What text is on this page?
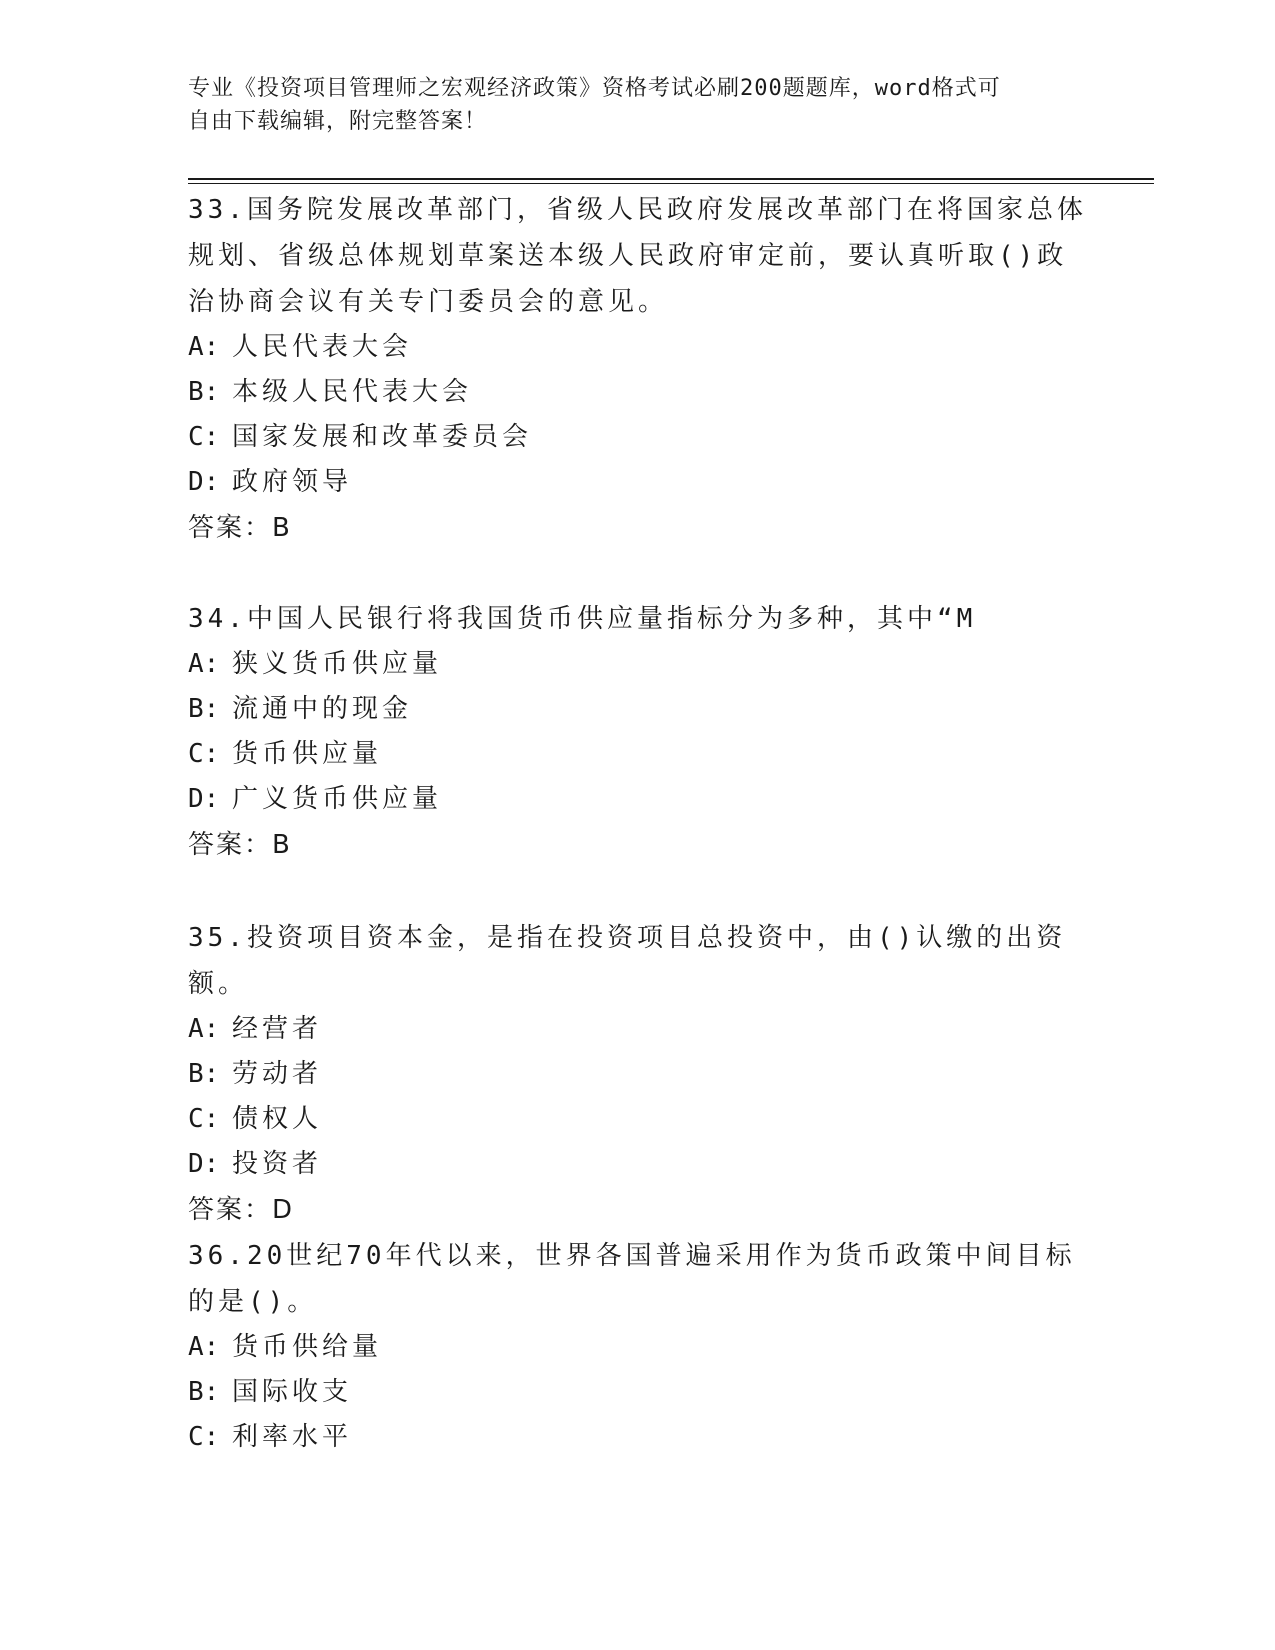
专业《投资项目管理师之宏观经济政策》资格考试必刷200题题库，word格式可
自由下载编辑，附完整答案！

33.国务院发展改革部门，省级人民政府发展改革部门在将国家总体规划、省级总体规划草案送本级人民政府审定前，要认真听取()政治协商会议有关专门委员会的意见。

A: 人民代表大会

B: 本级人民代表大会

C: 国家发展和改革委员会

D: 政府领导

答案：B

34.中国人民银行将我国货币供应量指标分为多种，其中“M

A: 狭义货币供应量

B: 流通中的现金

C: 货币供应量

D: 广义货币供应量

答案：B

35.投资项目资本金，是指在投资项目总投资中，由()认缴的出资额。

A: 经营者

B: 劳动者

C: 债权人

D: 投资者

答案：D

36.20世纪70年代以来，世界各国普遍采用作为货币政策中间目标的是()。

A: 货币供给量

B: 国际收支

C: 利率水平
